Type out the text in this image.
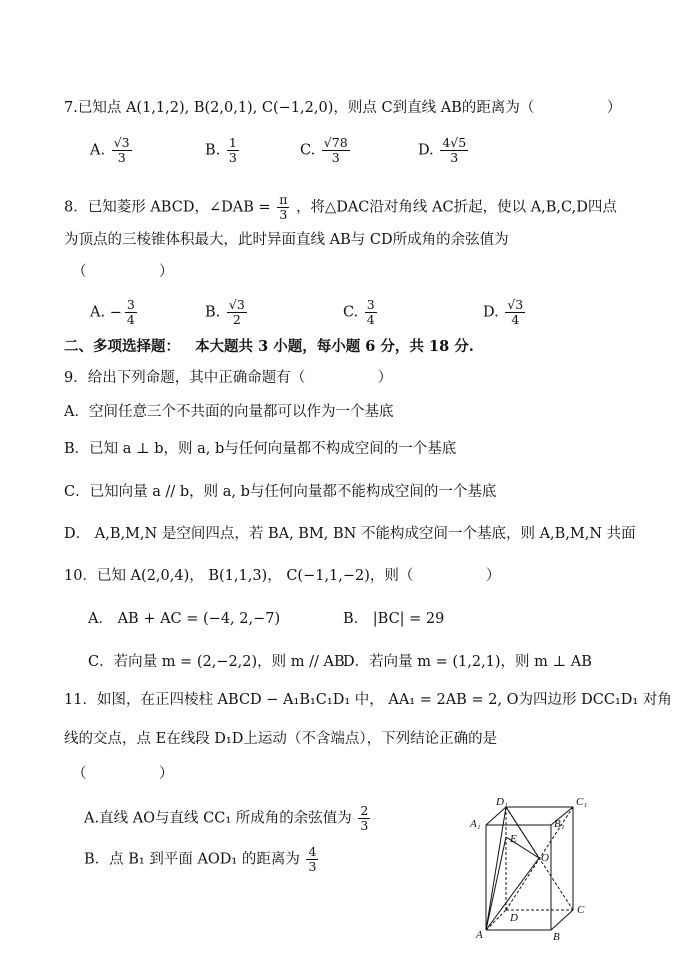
7.已知点 A(1,1,2), B(2,0,1), C(−1,2,0)，则点 C到直线 AB的距离为（　　　　　）
A. $\frac{√3}{3}$	B. $\frac{1}{3}$	C. $\frac{√78}{3}$	D. $\frac{4√5}{3}$
8．已知菱形 ABCD，∠DAB = $\frac{\pi}{3}$ ，将△DAC沿对角线 AC折起，使以 A,B,C,D四点
为顶点的三棱锥体积最大，此时异面直线 AB与 CD所成角的余弦值为
（　　　　　）
A. − $\frac{3}{4}$	B. $\frac{√3}{2}$	C. $\frac{3}{4}$	D. $\frac{√3}{4}$
二、多项选择题： 本大题共 3 小题，每小题 6 分，共 18 分.
9．给出下列命题，其中正确命题有（　　　　　）
A．空间任意三个不共面的向量都可以作为一个基底
B．已知 a ⊥ b，则 a, b与任何向量都不构成空间的一个基底
C．已知向量 a // b，则 a, b与任何向量都不能构成空间的一个基底
D． A,B,M,N 是空间四点，若 BA, BM, BN 不能构成空间一个基底，则 A,B,M,N 共面
10．已知 A(2,0,4)， B(1,1,3)， C(−1,1,−2)，则（　　　　　）
A． AB + AC = (−4, 2,−7)	B． |BC| = 29
C．若向量 m = (2,−2,2)，则 m // AB
D．若向量 m = (1,2,1)，则 m ⊥ AB
11．如图，在正四棱柱 ABCD − A₁B₁C₁D₁ 中， AA₁ = 2AB = 2, O为四边形 DCC₁D₁ 对角
线的交点，点 E在线段 D₁D上运动（不含端点），下列结论正确的是
（　　　　　）
A.直线 AO与直线 CC₁ 所成角的余弦值为 $\frac{2}{3}$
B．点 B₁ 到平面 AOD₁ 的距离为 $\frac{4}{3}$
D₁	C₁
A₁	B₁
E
O
D
C
A	B
